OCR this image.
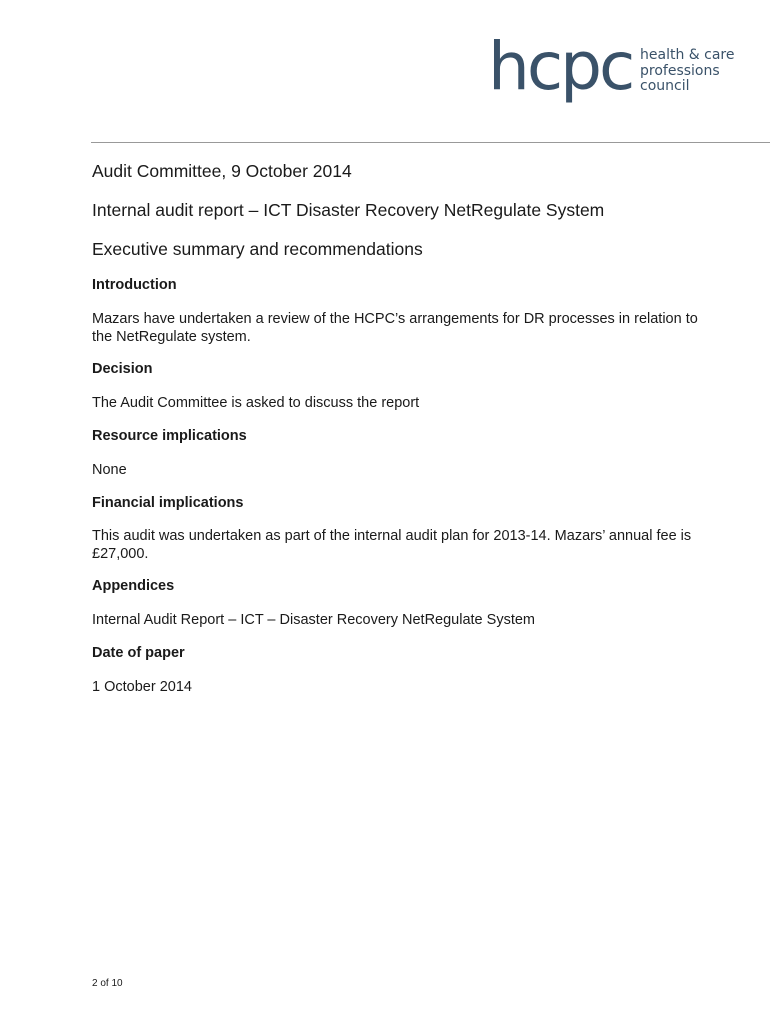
hcpc health & care
professions
council
Audit Committee, 9 October 2014
Internal audit report – ICT Disaster Recovery NetRegulate System
Executive summary and recommendations
Introduction

Mazars have undertaken a review of the HCPC’s arrangements for DR processes in relation to the NetRegulate system.

Decision

The Audit Committee is asked to discuss the report

Resource implications

None

Financial implications

This audit was undertaken as part of the internal audit plan for 2013-14. Mazars’ annual fee is £27,000.

Appendices

Internal Audit Report – ICT – Disaster Recovery NetRegulate System

Date of paper

1 October 2014

2 of 10
